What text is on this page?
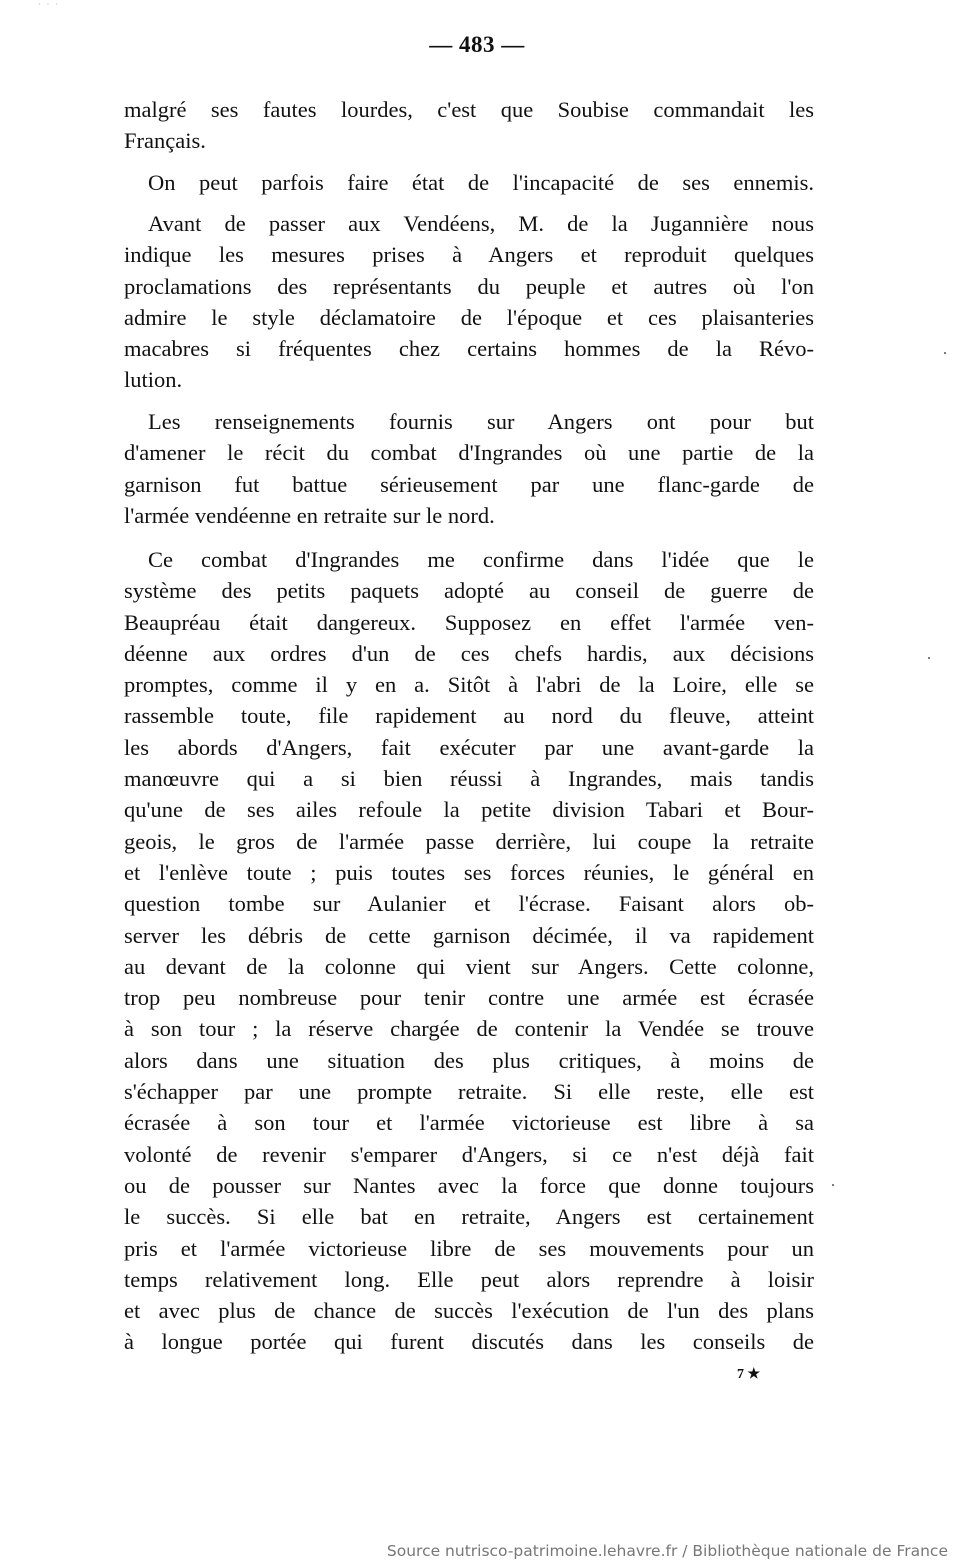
· · ·
— 483 —
malgré ses fautes lourdes, c'est que Soubise commandait les
Français.
On peut parfois faire état de l'incapacité de ses ennemis.
Avant de passer aux Vendéens, M. de la Jugannière nous
indique les mesures prises à Angers et reproduit quelques
proclamations des représentants du peuple et autres où l'on
admire le style déclamatoire de l'époque et ces plaisanteries
macabres si fréquentes chez certains hommes de la Révo-
lution.
Les renseignements fournis sur Angers ont pour but
d'amener le récit du combat d'Ingrandes où une partie de la
garnison fut battue sérieusement par une flanc-garde de
l'armée vendéenne en retraite sur le nord.
Ce combat d'Ingrandes me confirme dans l'idée que le
système des petits paquets adopté au conseil de guerre de
Beaupréau était dangereux. Supposez en effet l'armée ven-
déenne aux ordres d'un de ces chefs hardis, aux décisions
promptes, comme il y en a. Sitôt à l'abri de la Loire, elle se
rassemble toute, file rapidement au nord du fleuve, atteint
les abords d'Angers, fait exécuter par une avant-garde la
manœuvre qui a si bien réussi à Ingrandes, mais tandis
qu'une de ses ailes refoule la petite division Tabari et Bour-
geois, le gros de l'armée passe derrière, lui coupe la retraite
et l'enlève toute ; puis toutes ses forces réunies, le général en
question tombe sur Aulanier et l'écrase. Faisant alors ob-
server les débris de cette garnison décimée, il va rapidement
au devant de la colonne qui vient sur Angers. Cette colonne,
trop peu nombreuse pour tenir contre une armée est écrasée
à son tour ; la réserve chargée de contenir la Vendée se trouve
alors dans une situation des plus critiques, à moins de
s'échapper par une prompte retraite. Si elle reste, elle est
écrasée à son tour et l'armée victorieuse est libre à sa
volonté de revenir s'emparer d'Angers, si ce n'est déjà fait
ou de pousser sur Nantes avec la force que donne toujours
le succès. Si elle bat en retraite, Angers est certainement
pris et l'armée victorieuse libre de ses mouvements pour un
temps relativement long. Elle peut alors reprendre à loisir
et avec plus de chance de succès l'exécution de l'un des plans
à longue portée qui furent discutés dans les conseils de
7 ★
Source nutrisco-patrimoine.lehavre.fr / Bibliothèque nationale de France
